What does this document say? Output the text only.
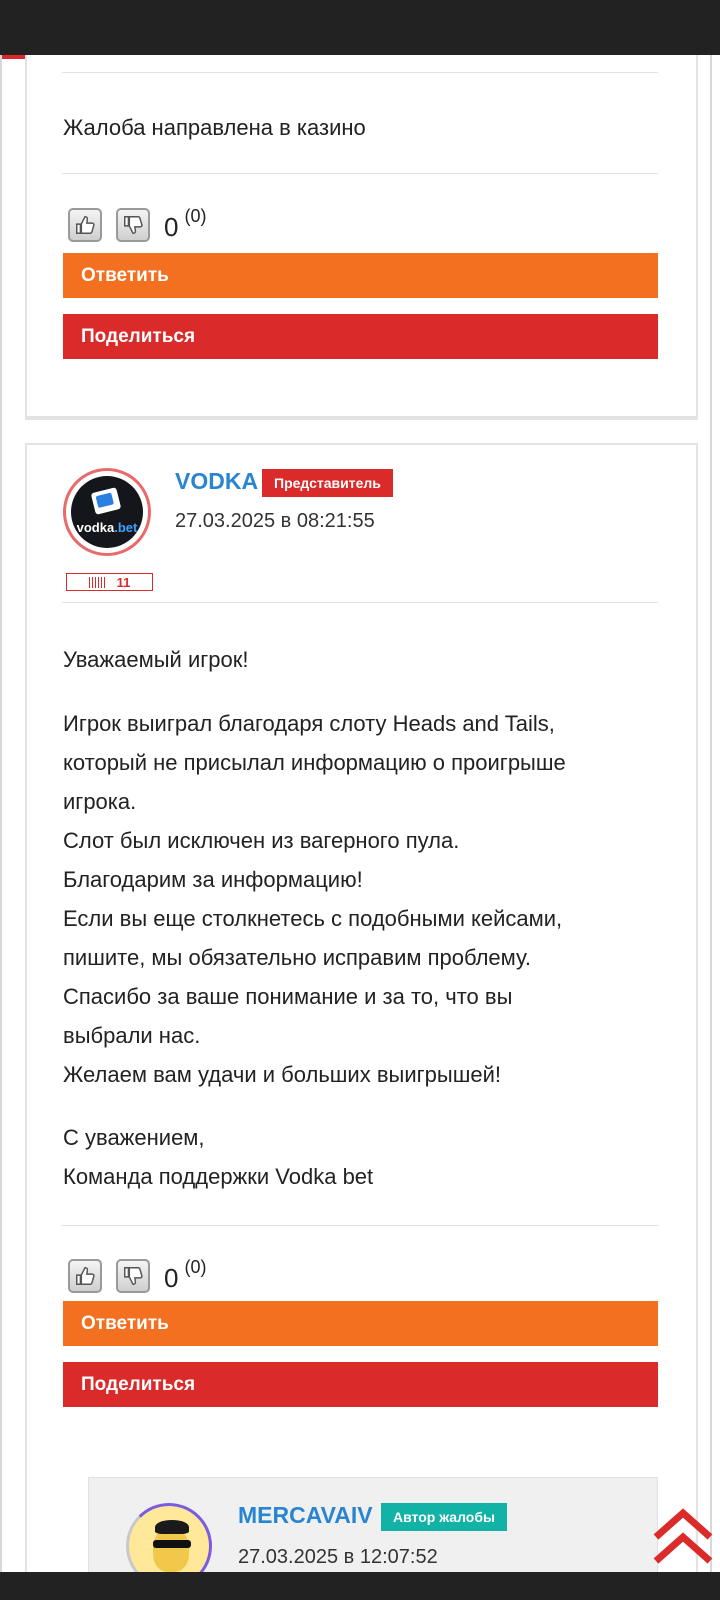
Жалоба направлена в казино
0 (0)
Ответить
Поделиться
vodka.bet
11
VODKA	Представитель
27.03.2025 в 08:21:55
Уважаемый игрок!
Игрок выиграл благодаря слоту Heads and Tails,
который не присылал информацию о проигрыше
игрока.
Слот был исключен из вагерного пула.
Благодарим за информацию!
Если вы еще столкнетесь с подобными кейсами,
пишите, мы обязательно исправим проблему.
Спасибо за ваше понимание и за то, что вы
выбрали нас.
Желаем вам удачи и больших выигрышей!
С уважением,
Команда поддержки Vodka bet
0 (0)
Ответить
Поделиться
MERCAVAIV	Автор жалобы
27.03.2025 в 12:07:52
